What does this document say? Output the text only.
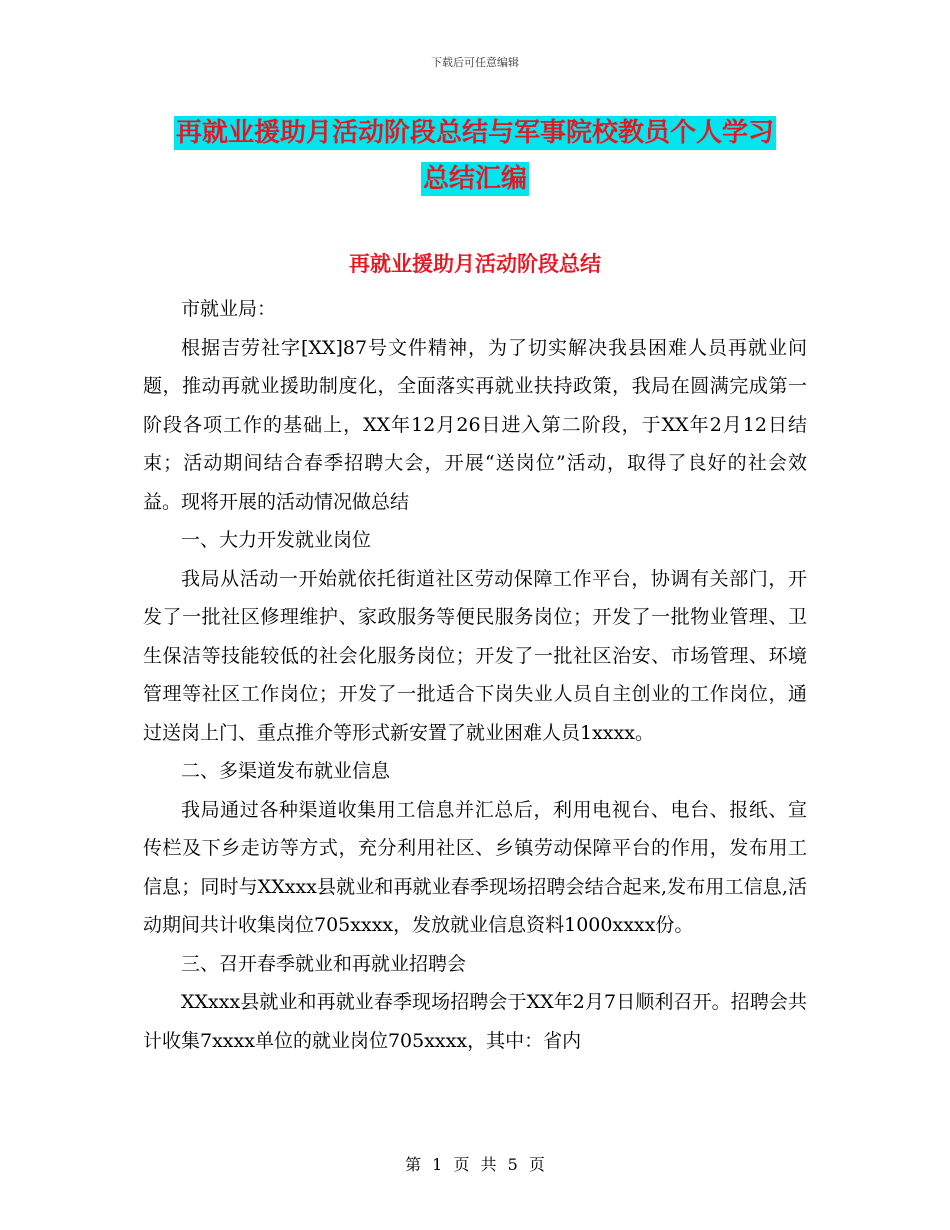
下载后可任意编辑
再就业援助月活动阶段总结与军事院校教员个人学习
总结汇编
再就业援助月活动阶段总结

市就业局：

根据吉劳社字[XX]87号文件精神，为了切实解决我县困难人员再就业问题，推动再就业援助制度化，全面落实再就业扶持政策，我局在圆满完成第一阶段各项工作的基础上，XX年12月26日进入第二阶段，于XX年2月12日结束；活动期间结合春季招聘大会，开展“送岗位”活动，取得了良好的社会效益。现将开展的活动情况做总结

一、大力开发就业岗位

我局从活动一开始就依托街道社区劳动保障工作平台，协调有关部门，开发了一批社区修理维护、家政服务等便民服务岗位；开发了一批物业管理、卫生保洁等技能较低的社会化服务岗位；开发了一批社区治安、市场管理、环境管理等社区工作岗位；开发了一批适合下岗失业人员自主创业的工作岗位，通过送岗上门、重点推介等形式新安置了就业困难人员1xxxx。

二、多渠道发布就业信息

我局通过各种渠道收集用工信息并汇总后，利用电视台、电台、报纸、宣传栏及下乡走访等方式，充分利用社区、乡镇劳动保障平台的作用，发布用工信息；同时与XXxxx县就业和再就业春季现场招聘会结合起来,发布用工信息,活动期间共计收集岗位705xxxx，发放就业信息资料1000xxxx份。

三、召开春季就业和再就业招聘会

XXxxx县就业和再就业春季现场招聘会于XX年2月7日顺利召开。招聘会共计收集7xxxx单位的就业岗位705xxxx，其中：省内

第 1 页 共 5 页
